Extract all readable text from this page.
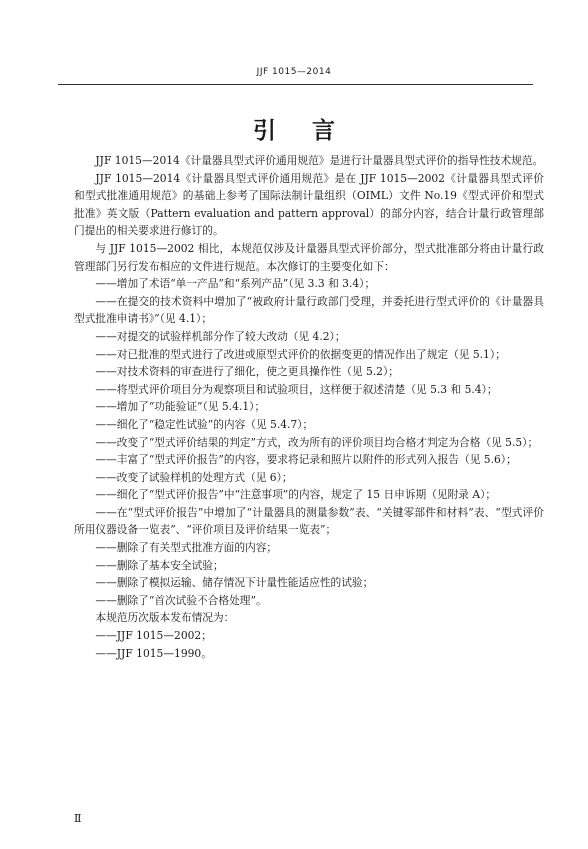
JJF 1015—2014
引 言

JJF 1015—2014《计量器具型式评价通用规范》是进行计量器具型式评价的指导性技术规范。

JJF 1015—2014《计量器具型式评价通用规范》是在 JJF 1015—2002《计量器具型式评价和型式批准通用规范》的基础上参考了国际法制计量组织（OIML）文件 No.19《型式评价和型式批准》英文版（Pattern evaluation and pattern approval）的部分内容，结合计量行政管理部门提出的相关要求进行修订的。

与 JJF 1015—2002 相比，本规范仅涉及计量器具型式评价部分，型式批准部分将由计量行政管理部门另行发布相应的文件进行规范。本次修订的主要变化如下：

——增加了术语“单一产品”和“系列产品”（见 3.3 和 3.4）；

——在提交的技术资料中增加了“被政府计量行政部门受理，并委托进行型式评价的《计量器具型式批准申请书》”（见 4.1）；

——对提交的试验样机部分作了较大改动（见 4.2）；

——对已批准的型式进行了改进或原型式评价的依据变更的情况作出了规定（见 5.1）；

——对技术资料的审查进行了细化，使之更具操作性（见 5.2）；

——将型式评价项目分为观察项目和试验项目，这样便于叙述清楚（见 5.3 和 5.4）；

——增加了“功能验证”（见 5.4.1）；

——细化了“稳定性试验”的内容（见 5.4.7）；

——改变了“型式评价结果的判定”方式，改为所有的评价项目均合格才判定为合格（见 5.5）；

——丰富了“型式评价报告”的内容，要求将记录和照片以附件的形式列入报告（见 5.6）；

——改变了试验样机的处理方式（见 6）；

——细化了“型式评价报告”中“注意事项”的内容，规定了 15 日申诉期（见附录 A）；

——在“型式评价报告”中增加了“计量器具的测量参数”表、“关键零部件和材料”表、“型式评价所用仪器设备一览表”、“评价项目及评价结果一览表”；

——删除了有关型式批准方面的内容；

——删除了基本安全试验；

——删除了模拟运输、储存情况下计量性能适应性的试验；

——删除了“首次试验不合格处理”。

本规范历次版本发布情况为：

——JJF 1015—2002；

——JJF 1015—1990。

Ⅱ
